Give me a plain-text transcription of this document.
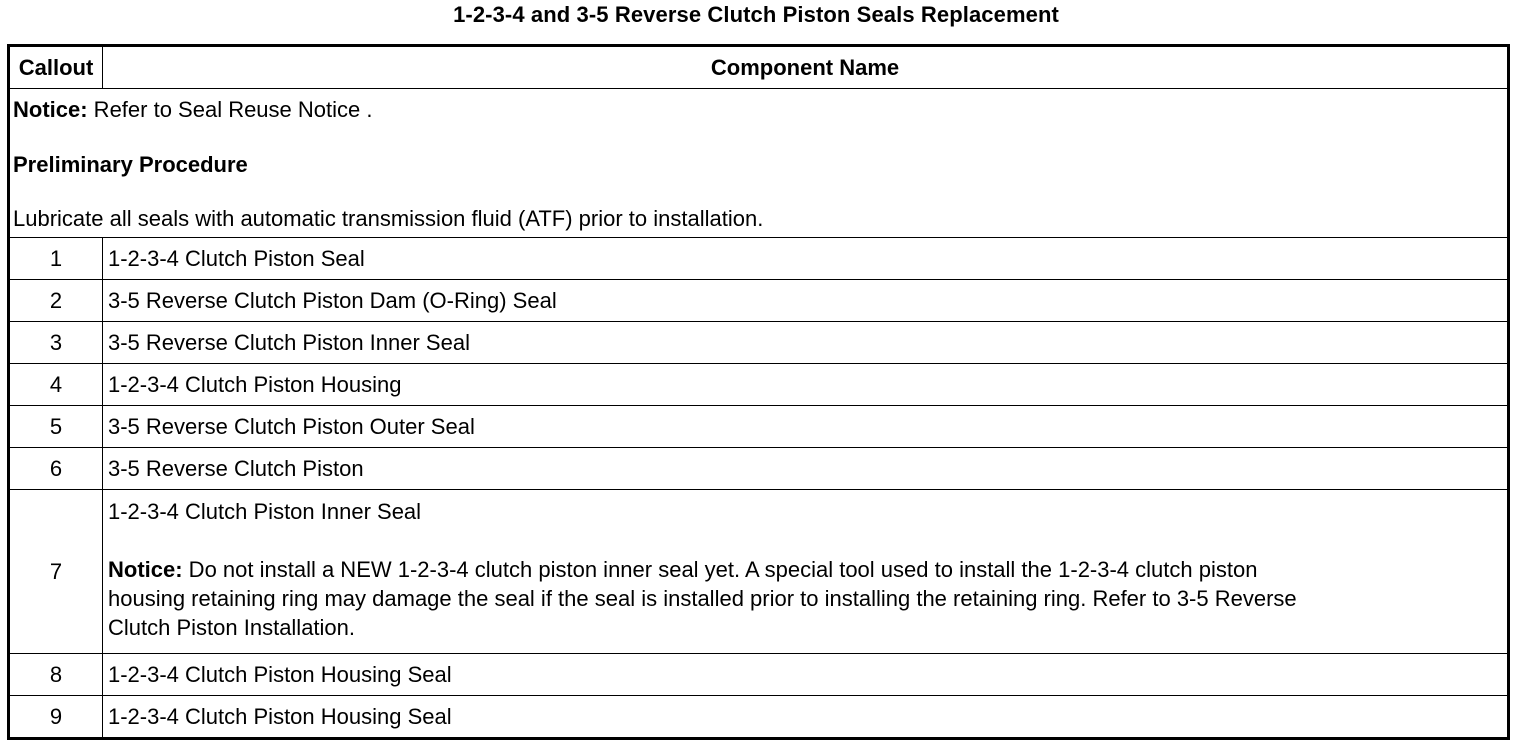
1-2-3-4 and 3-5 Reverse Clutch Piston Seals Replacement
Callout	Component Name

Notice: Refer to Seal Reuse Notice .
Preliminary Procedure
Lubricate all seals with automatic transmission fluid (ATF) prior to installation.	

1	1-2-3-4 Clutch Piston Seal
2	3-5 Reverse Clutch Piston Dam (O-Ring) Seal
3	3-5 Reverse Clutch Piston Inner Seal
4	1-2-3-4 Clutch Piston Housing
5	3-5 Reverse Clutch Piston Outer Seal
6	3-5 Reverse Clutch Piston
7	1-2-3-4 Clutch Piston Inner Seal
Notice: Do not install a NEW 1-2-3-4 clutch piston inner seal yet. A special tool used to install the 1-2-3-4 clutch piston
housing retaining ring may damage the seal if the seal is installed prior to installing the retaining ring. Refer to 3-5 Reverse
Clutch Piston Installation.

8	1-2-3-4 Clutch Piston Housing Seal
9	1-2-3-4 Clutch Piston Housing Seal
